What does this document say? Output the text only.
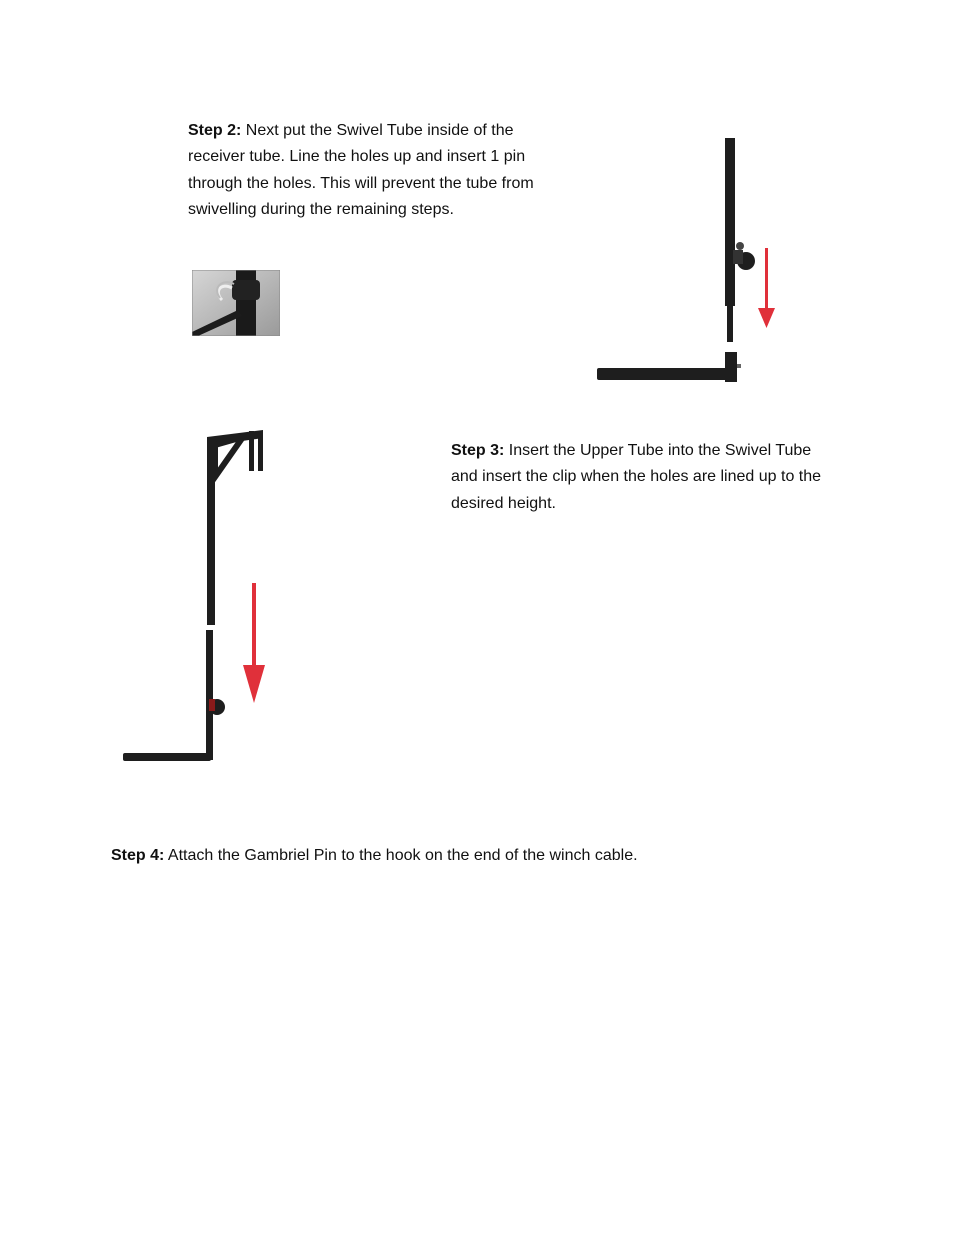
Step 2: Next put the Swivel Tube inside of the receiver tube. Line the holes up and insert 1 pin through the holes. This will prevent the tube from swivelling during the remaining steps.

Step 3: Insert the Upper Tube into the Swivel Tube and insert the clip when the holes are lined up to the desired height.

Step 4: Attach the Gambriel Pin to the hook on the end of the winch cable.
